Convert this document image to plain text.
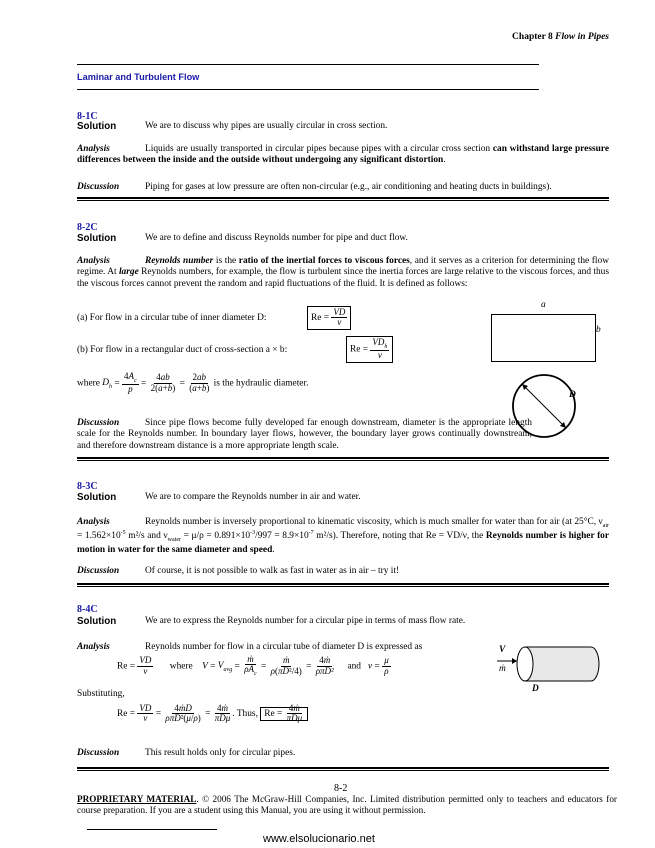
Chapter 8 Flow in Pipes
Laminar and Turbulent Flow
8-1C
Solution	We are to discuss why pipes are usually circular in cross section.
Analysis	Liquids are usually transported in circular pipes because pipes with a circular cross section can withstand large pressure differences between the inside and the outside without undergoing any significant distortion.
Discussion	Piping for gases at low pressure are often non-circular (e.g., air conditioning and heating ducts in buildings).
8-2C
Solution	We are to define and discuss Reynolds number for pipe and duct flow.
Analysis	Reynolds number is the ratio of the inertial forces to viscous forces, and it serves as a criterion for determining the flow regime. At large Reynolds numbers, for example, the flow is turbulent since the inertia forces are large relative to the viscous forces, and thus the viscous forces cannot prevent the random and rapid fluctuations of the fluid. It is defined as follows:
(a) For flow in a circular tube of inner diameter D:	$Re = \frac{VD}{\nu}$
(b) For flow in a rectangular duct of cross-section a × b:	$Re = \frac{VD_h}{\nu}$
where $D_h = \frac{4A_c}{p} = \frac{4ab}{2(a+b)} = \frac{2ab}{(a+b)}$ is the hydraulic diameter.
a
b
D
Discussion	Since pipe flows become fully developed far enough downstream, diameter is the appropriate length scale for the Reynolds number. In boundary layer flows, however, the boundary layer grows continually downstream, and therefore downstream distance is a more appropriate length scale.
8-3C
Solution	We are to compare the Reynolds number in air and water.
Analysis	Reynolds number is inversely proportional to kinematic viscosity, which is much smaller for water than for air (at 25°C, $\nu_{air} = 1.562\times 10^{-5}$ m²/s and $\nu_{water} = \mu/\rho = 0.891\times 10^{-3}/997 = 8.9\times 10^{-7}$ m²/s). Therefore, noting that Re = VD/ν, the Reynolds number is higher for motion in water for the same diameter and speed.
Discussion	Of course, it is not possible to walk as fast in water as in air – try it!
8-4C
Solution	We are to express the Reynolds number for a circular pipe in terms of mass flow rate.
Analysis	Reynolds number for flow in a circular tube of diameter D is expressed as
$Re = \frac{VD}{\nu}$ where $V = V_{avg} = \frac{\text{ṁ}}{\rho A_c} = \frac{\text{ṁ}}{\text{ρ(πD²/4)}} = \frac{\text{4ṁ}}{\text{ρπD²}}$ and $\nu = \frac{\mu}{\rho}$
V
ṁ
D
Substituting,
$Re = \frac{VD}{\nu} = \frac{\text{4ṁD}}{\text{ρπD²(μ/ρ)}} = \frac{\text{4ṁ}}{\text{πDμ}}$ . Thus, $Re = \frac{\text{4ṁ}}{\text{πDμ}}$
Discussion	This result holds only for circular pipes.
8-2
PROPRIETARY MATERIAL. © 2006 The McGraw-Hill Companies, Inc. Limited distribution permitted only to teachers and educators for course preparation. If you are a student using this Manual, you are using it without permission.
www.elsolucionario.net
